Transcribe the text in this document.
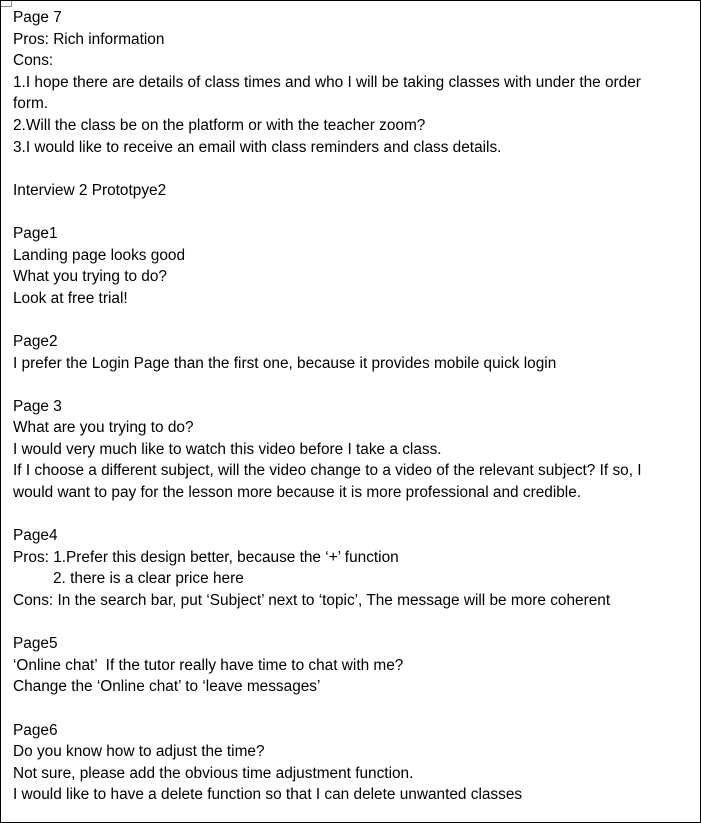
Page 7
Pros: Rich information
Cons:
1.I hope there are details of class times and who I will be taking classes with under the order
form.
2.Will the class be on the platform or with the teacher zoom?
3.I would like to receive an email with class reminders and class details.
Interview 2 Prototpye2
Page1
Landing page looks good
What you trying to do?
Look at free trial!
Page2
I prefer the Login Page than the first one, because it provides mobile quick login
Page 3
What are you trying to do?
I would very much like to watch this video before I take a class.
If I choose a different subject, will the video change to a video of the relevant subject? If so, I
would want to pay for the lesson more because it is more professional and credible.
Page4
Pros: 1.Prefer this design better, because the ‘+’ function
2. there is a clear price here
Cons: In the search bar, put ‘Subject’ next to ‘topic’, The message will be more coherent
Page5
‘Online chat’  If the tutor really have time to chat with me?
Change the ‘Online chat’ to ‘leave messages’
Page6
Do you know how to adjust the time?
Not sure, please add the obvious time adjustment function.
I would like to have a delete function so that I can delete unwanted classes
